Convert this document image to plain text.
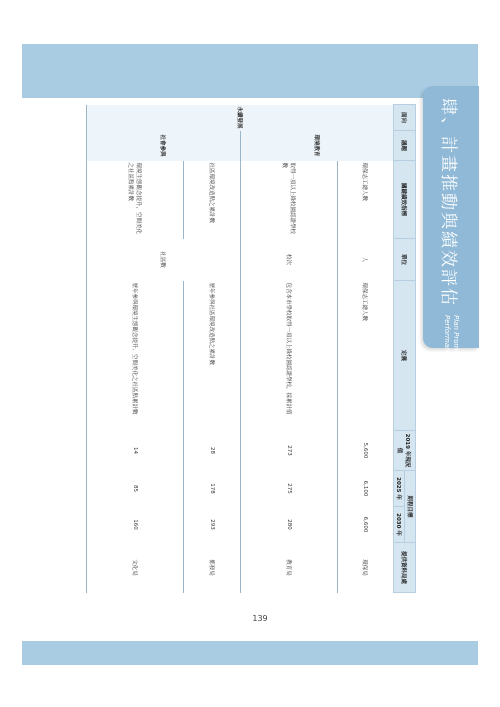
肆、計畫推動與績效評估
Plan Promotion and
Performance Assessment
面向	議題	關鍵績效指標	單位	定義	2019 年現況值	期程目標		提供資料局處
						2025 年	2030 年	
永續發展	環境教育	環保志工總人數	人	環保志工總人數	5,600	6,100	6,600	環保局
		取得一項以上綠校園認證學校數	校次	包含本市學校取得一項以上綠校園認證學校，採累計值	273	275	280	教育局
	社會參與	社區環境改造點之累計數	社區數	歷年參與社區環境改造點之累計數	28	178	293	都發局
		環境生態觀念提升，空間美化之社區點累計數		歷年參與環境生態觀念提升、空間美化之社區點累計數	14	85	160	文化局
139
